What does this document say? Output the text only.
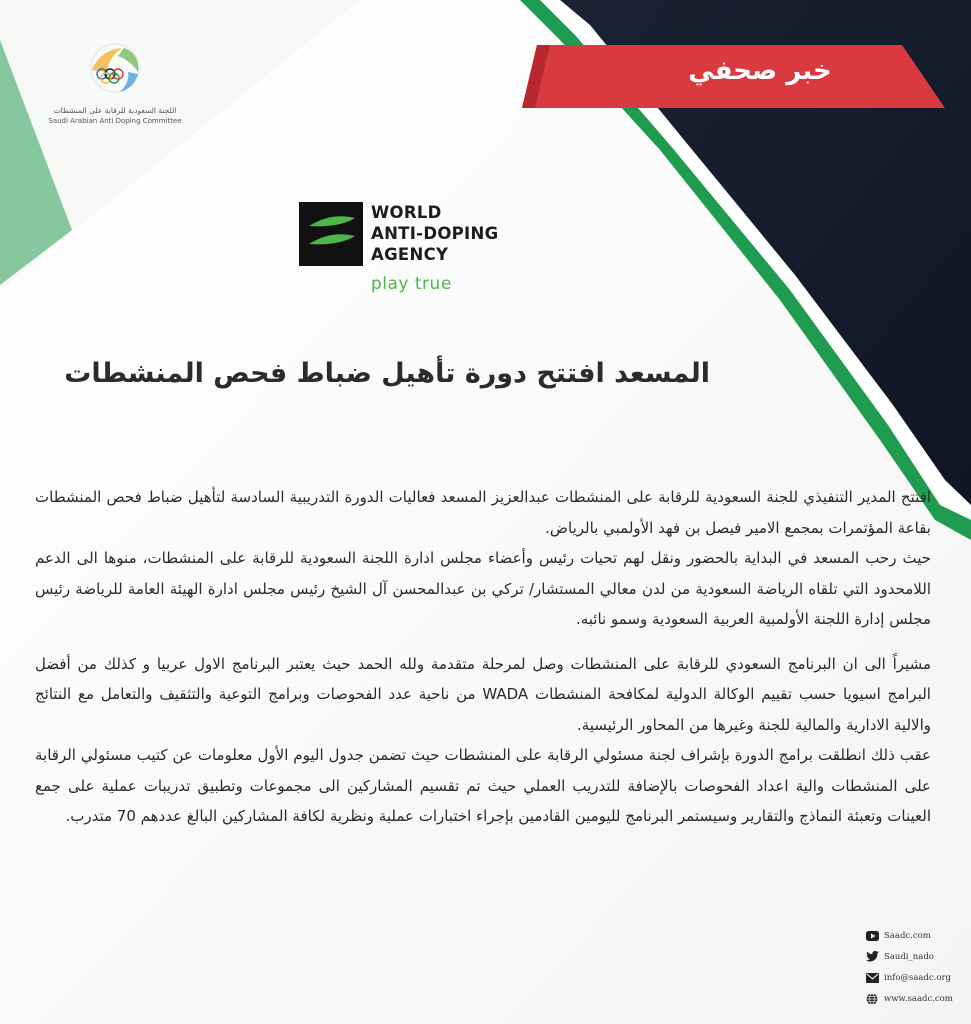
اللجنة السعودية للرقابة على المنشطات
Saudi Arabian Anti Doping Committee
خبر صحفي
WORLD
ANTI-DOPING
AGENCY
play true
المسعد افتتح دورة تأهيل ضباط فحص المنشطات

افتتح المدير التنفيذي للجنة السعودية للرقابة على المنشطات عبدالعزيز المسعد فعاليات الدورة التدريبية السادسة لتأهيل ضباط فحص المنشطات بقاعة المؤتمرات بمجمع الامير فيصل بن فهد الأولمبي بالرياض.

حيث رحب المسعد في البداية بالحضور ونقل لهم تحيات رئيس وأعضاء مجلس ادارة اللجنة السعودية للرقابة على المنشطات، منوها الى الدعم اللامحدود التي تلقاه الرياضة السعودية من لدن معالي المستشار/ تركي بن عبدالمحسن آل الشيخ رئيس مجلس ادارة الهيئة العامة للرياضة رئيس مجلس إدارة اللجنة الأولمبية العربية السعودية وسمو نائبه.

مشيراً الى ان البرنامج السعودي للرقابة على المنشطات وصل لمرحلة متقدمة ولله الحمد حيث يعتبر البرنامج الاول عربيا و كذلك من أفضل البرامج اسيويا حسب تقييم الوكالة الدولية لمكافحة المنشطات WADA من ناحية عدد الفحوصات وبرامج التوعية والتثقيف والتعامل مع النتائج والالية الادارية والمالية للجنة وغيرها من المحاور الرئيسية.

عقب ذلك انطلقت برامج الدورة بإشراف لجنة مسئولي الرقابة على المنشطات حيث تضمن جدول اليوم الأول معلومات عن كتيب مسئولي الرقابة على المنشطات والية اعداد الفحوصات بالإضافة للتدريب العملي حيث تم تقسيم المشاركين الى مجموعات وتطبيق تدريبات عملية على جمع العينات وتعبئة النماذج والتقارير وسيستمر البرنامج لليومين القادمين بإجراء اختبارات عملية ونظرية لكافة المشاركين البالغ عددهم 70 متدرب.

Saadc.com
Saudi_nado
info@saadc.org
www.saadc.com
